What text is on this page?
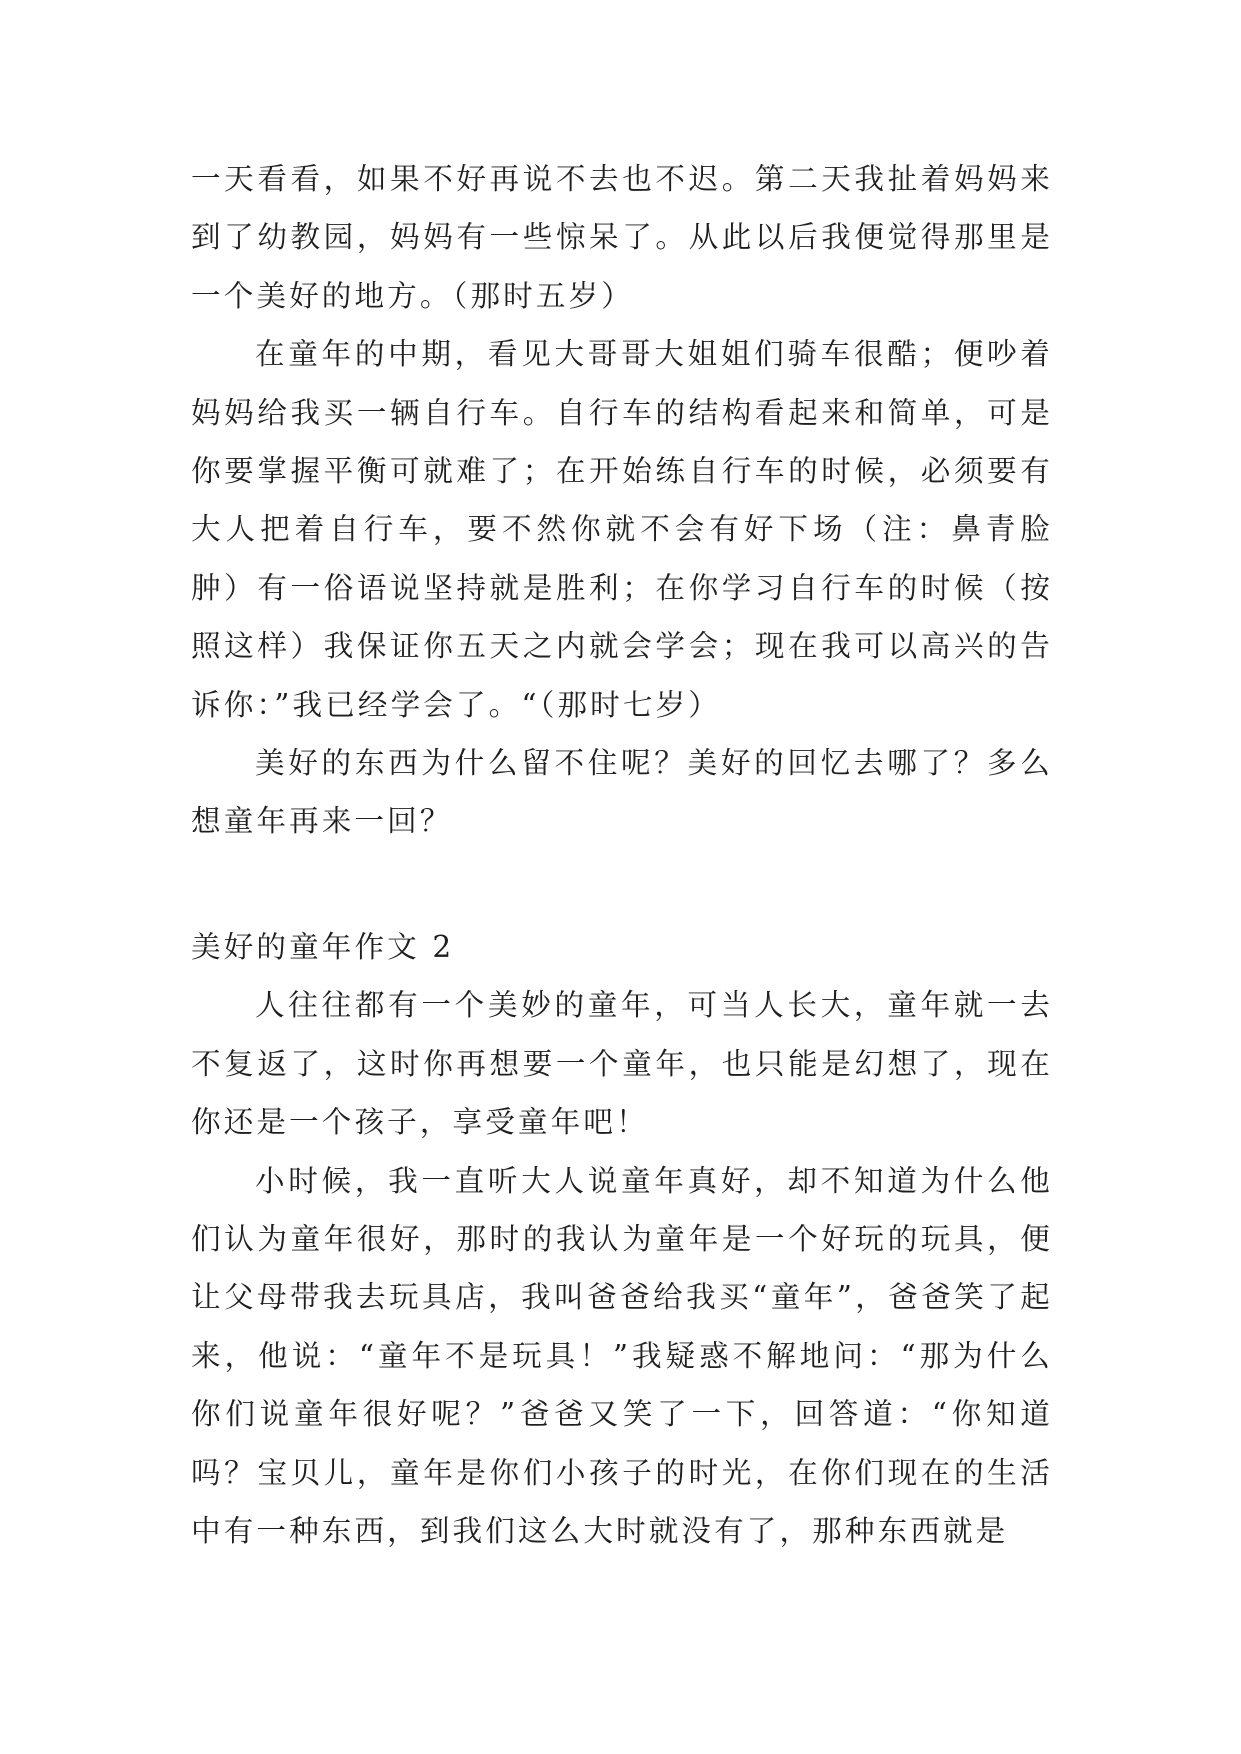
一天看看，如果不好再说不去也不迟。第二天我扯着妈妈来到了幼教园，妈妈有一些惊呆了。从此以后我便觉得那里是一个美好的地方。（那时五岁）

在童年的中期，看见大哥哥大姐姐们骑车很酷；便吵着妈妈给我买一辆自行车。自行车的结构看起来和简单，可是你要掌握平衡可就难了；在开始练自行车的时候，必须要有大人把着自行车，要不然你就不会有好下场（注：鼻青脸肿）有一俗语说坚持就是胜利；在你学习自行车的时候（按照这样）我保证你五天之内就会学会；现在我可以高兴的告诉你：”我已经学会了。“（那时七岁）

美好的东西为什么留不住呢？美好的回忆去哪了？多么想童年再来一回？

美好的童年作文 2

人往往都有一个美妙的童年，可当人长大，童年就一去不复返了，这时你再想要一个童年，也只能是幻想了，现在你还是一个孩子，享受童年吧！

小时候，我一直听大人说童年真好，却不知道为什么他们认为童年很好，那时的我认为童年是一个好玩的玩具，便让父母带我去玩具店，我叫爸爸给我买“童年”，爸爸笑了起来，他说：“童年不是玩具！”我疑惑不解地问：“那为什么你们说童年很好呢？”爸爸又笑了一下，回答道：“你知道吗？宝贝儿，童年是你们小孩子的时光，在你们现在的生活中有一种东西，到我们这么大时就没有了，那种东西就是
